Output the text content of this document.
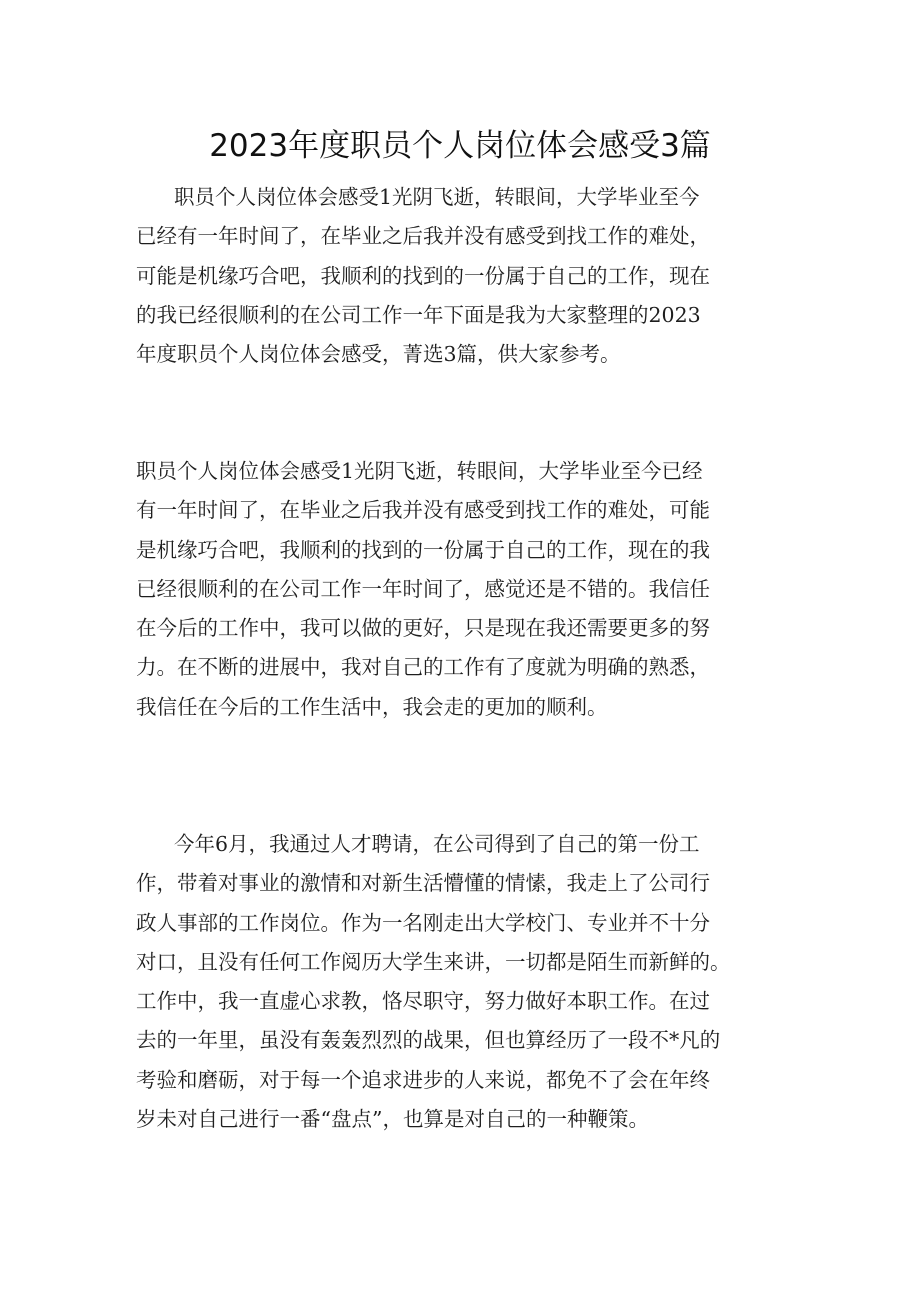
2023年度职员个人岗位体会感受3篇
职员个人岗位体会感受1光阴飞逝，转眼间，大学毕业至今
已经有一年时间了，在毕业之后我并没有感受到找工作的难处，
可能是机缘巧合吧，我顺利的找到的一份属于自己的工作，现在
的我已经很顺利的在公司工作一年下面是我为大家整理的2023
年度职员个人岗位体会感受，菁选3篇，供大家参考。
职员个人岗位体会感受1光阴飞逝，转眼间，大学毕业至今已经
有一年时间了，在毕业之后我并没有感受到找工作的难处，可能
是机缘巧合吧，我顺利的找到的一份属于自己的工作，现在的我
已经很顺利的在公司工作一年时间了，感觉还是不错的。我信任
在今后的工作中，我可以做的更好，只是现在我还需要更多的努
力。在不断的进展中，我对自己的工作有了度就为明确的熟悉，
我信任在今后的工作生活中，我会走的更加的顺利。
今年6月，我通过人才聘请，在公司得到了自己的第一份工
作，带着对事业的激情和对新生活懵懂的情愫，我走上了公司行
政人事部的工作岗位。作为一名刚走出大学校门、专业并不十分
对口，且没有任何工作阅历大学生来讲，一切都是陌生而新鲜的。
工作中，我一直虚心求教，恪尽职守，努力做好本职工作。在过
去的一年里，虽没有轰轰烈烈的战果，但也算经历了一段不*凡的
考验和磨砺，对于每一个追求进步的人来说，都免不了会在年终
岁未对自己进行一番“盘点”，也算是对自己的一种鞭策。
